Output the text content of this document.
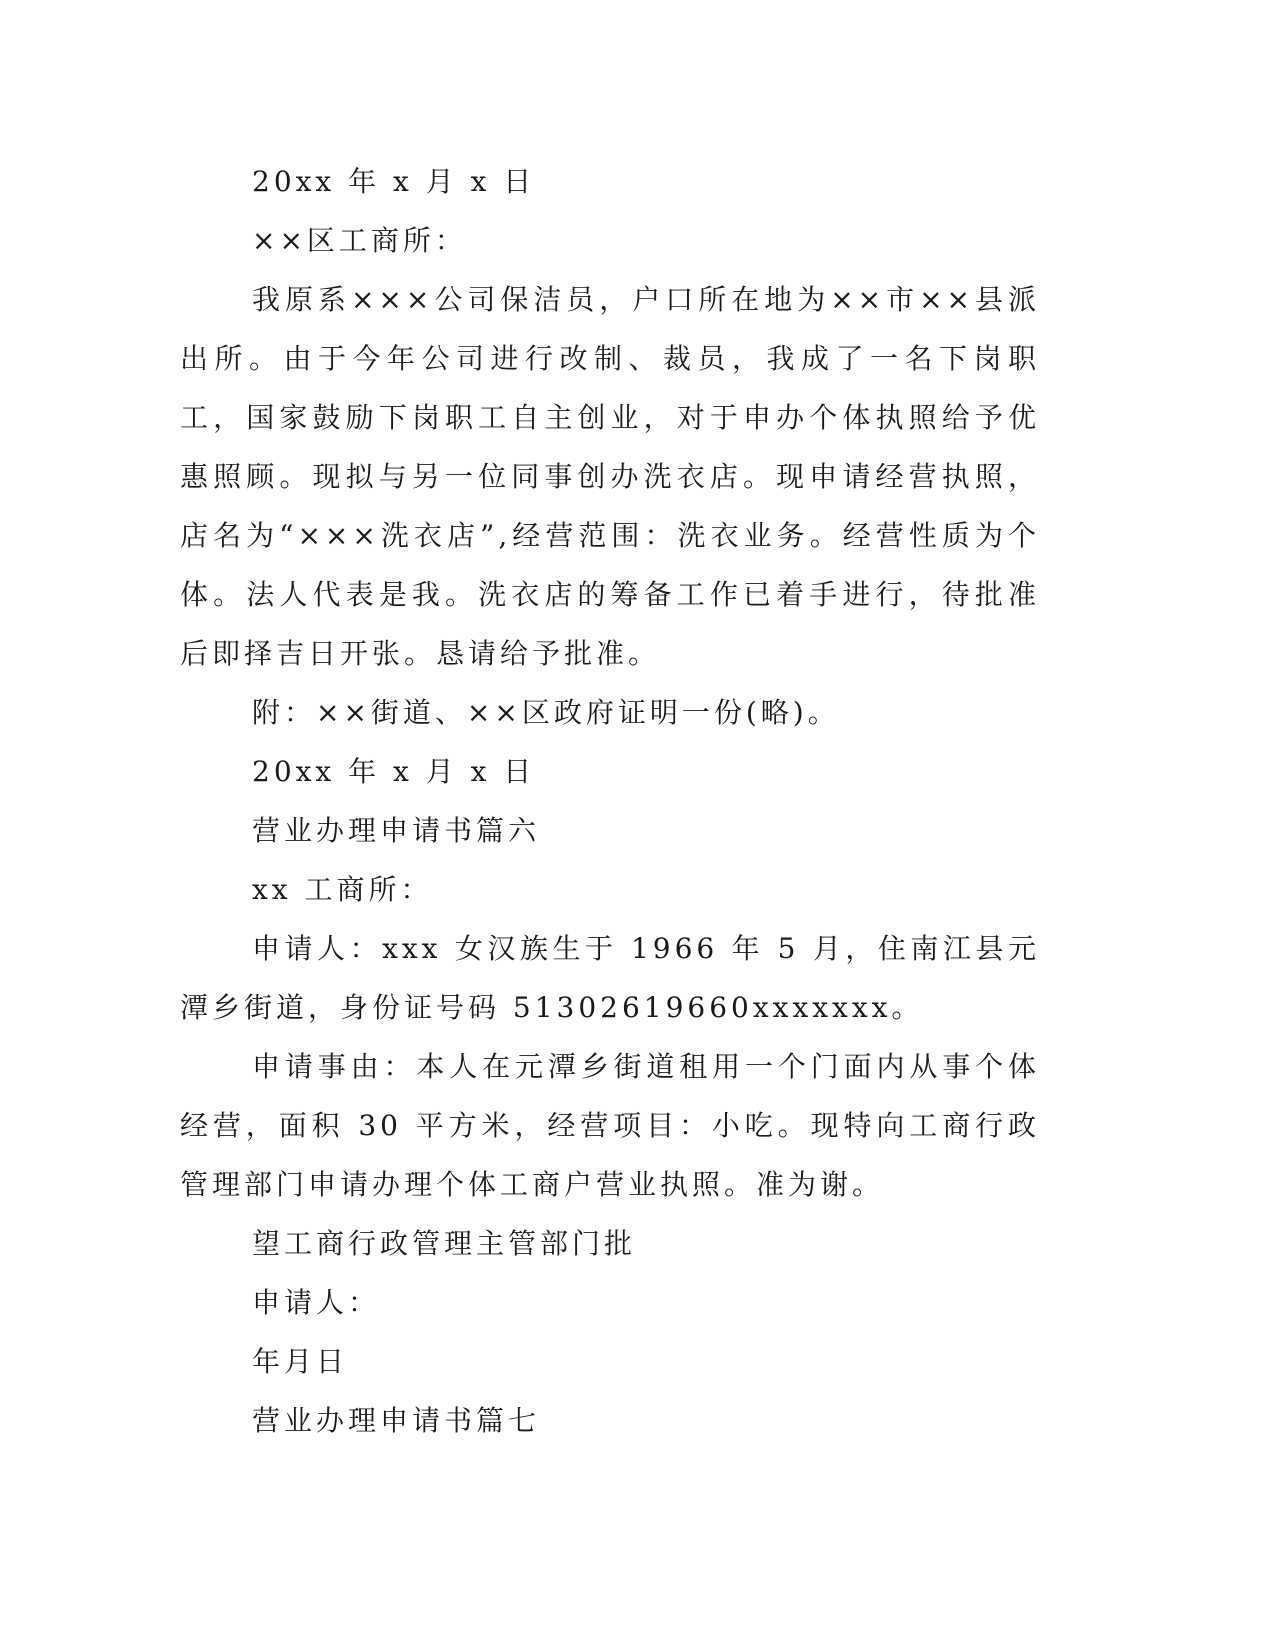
20xx 年 x 月 x 日

××区工商所：

我原系×××公司保洁员，户口所在地为××市××县派出所。由于今年公司进行改制、裁员，我成了一名下岗职工，国家鼓励下岗职工自主创业，对于申办个体执照给予优惠照顾。现拟与另一位同事创办洗衣店。现申请经营执照，店名为“×××洗衣店”,经营范围：洗衣业务。经营性质为个体。法人代表是我。洗衣店的筹备工作已着手进行，待批准后即择吉日开张。恳请给予批准。

附：××街道、××区政府证明一份(略)。

20xx 年 x 月 x 日

营业办理申请书篇六

xx 工商所：

申请人：xxx 女汉族生于 1966 年 5 月，住南江县元潭乡街道，身份证号码 51302619660xxxxxxx。

申请事由：本人在元潭乡街道租用一个门面内从事个体经营，面积 30 平方米，经营项目：小吃。现特向工商行政管理部门申请办理个体工商户营业执照。准为谢。

望工商行政管理主管部门批

申请人：

年月日

营业办理申请书篇七
